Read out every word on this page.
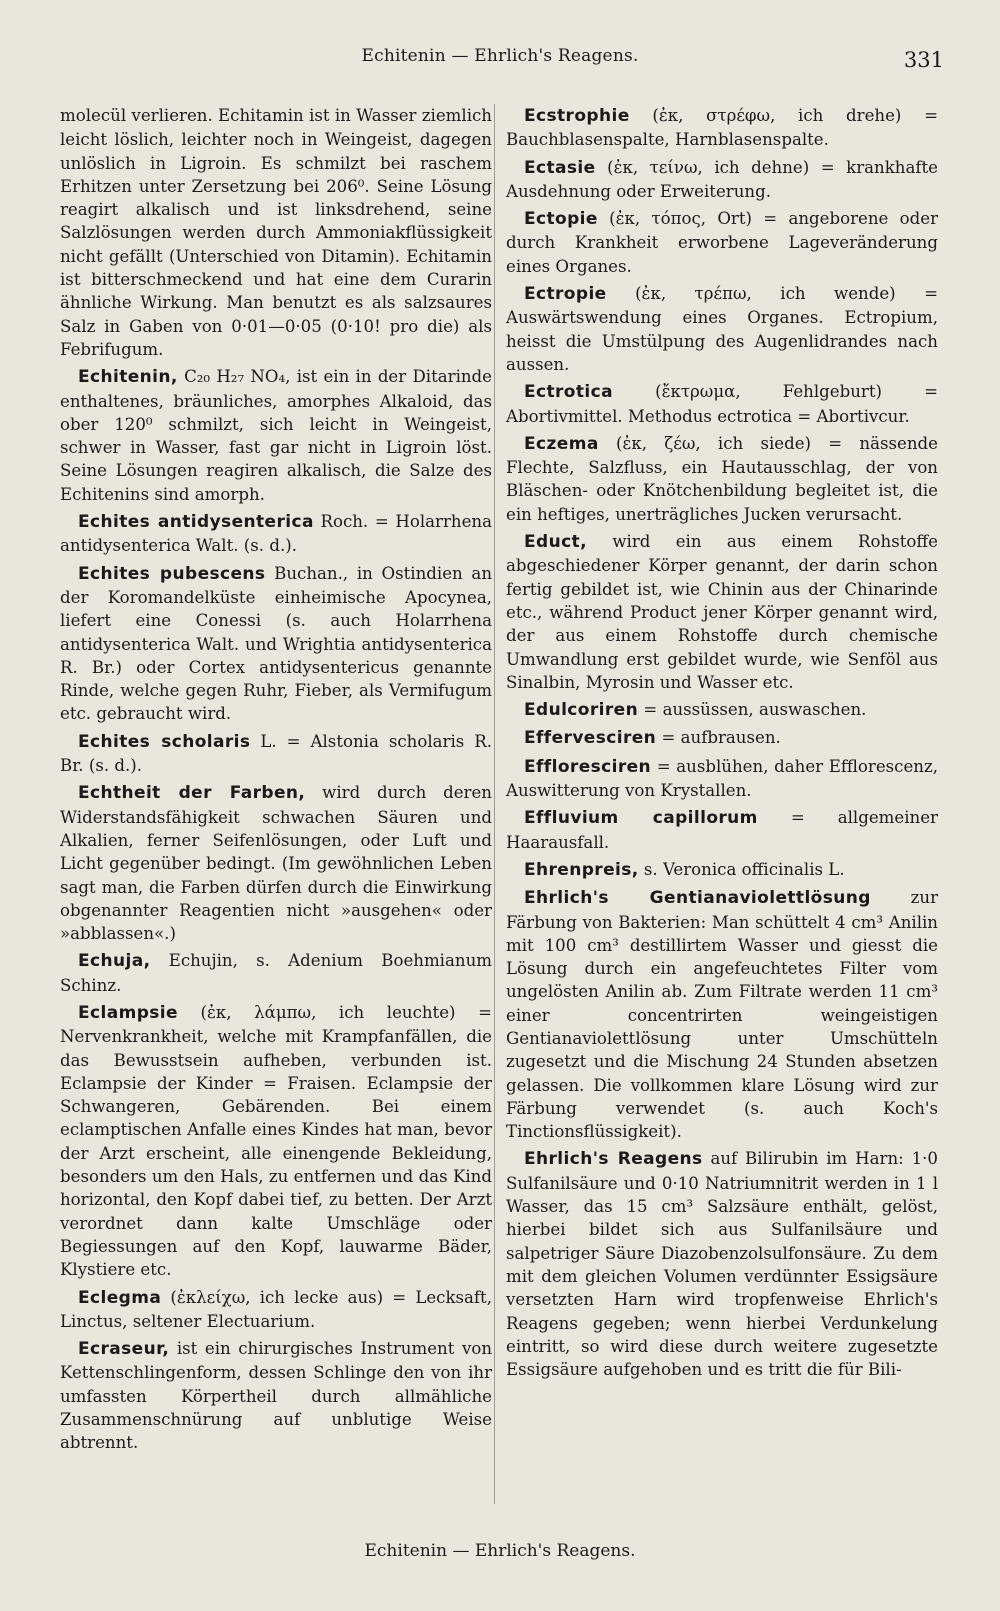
Echitenin — Ehrlich's Reagens.	331

molecül verlieren. Echitamin ist in Wasser ziemlich leicht löslich, leichter noch in Weingeist, dagegen unlöslich in Ligroin. Es schmilzt bei raschem Erhitzen unter Zersetzung bei 206⁰. Seine Lösung reagirt alkalisch und ist linksdrehend, seine Salzlösungen werden durch Ammoniakflüssigkeit nicht gefällt (Unterschied von Ditamin). Echitamin ist bitterschmeckend und hat eine dem Curarin ähnliche Wirkung. Man benutzt es als salzsaures Salz in Gaben von 0·01—0·05 (0·10! pro die) als Febrifugum.

Echitenin, C₂₀ H₂₇ NO₄, ist ein in der Ditarinde enthaltenes, bräunliches, amorphes Alkaloid, das ober 120⁰ schmilzt, sich leicht in Weingeist, schwer in Wasser, fast gar nicht in Ligroin löst. Seine Lösungen reagiren alkalisch, die Salze des Echitenins sind amorph.

Echites antidysenterica Roch. = Holarrhena antidysenterica Walt. (s. d.).

Echites pubescens Buchan., in Ostindien an der Koromandelküste einheimische Apocynea, liefert eine Conessi (s. auch Holarrhena antidysenterica Walt. und Wrightia antidysenterica R. Br.) oder Cortex antidysentericus genannte Rinde, welche gegen Ruhr, Fieber, als Vermifugum etc. gebraucht wird.

Echites scholaris L. = Alstonia scholaris R. Br. (s. d.).

Echtheit der Farben, wird durch deren Widerstandsfähigkeit schwachen Säuren und Alkalien, ferner Seifenlösungen, oder Luft und Licht gegenüber bedingt. (Im gewöhnlichen Leben sagt man, die Farben dürfen durch die Einwirkung obgenannter Reagentien nicht »ausgehen« oder »abblassen«.)

Echuja, Echujin, s. Adenium Boehmianum Schinz.

Eclampsie (ἐκ, λάμπω, ich leuchte) = Nervenkrankheit, welche mit Krampfanfällen, die das Bewusstsein aufheben, verbunden ist. Eclampsie der Kinder = Fraisen. Eclampsie der Schwangeren, Gebärenden. Bei einem eclamptischen Anfalle eines Kindes hat man, bevor der Arzt erscheint, alle einengende Bekleidung, besonders um den Hals, zu entfernen und das Kind horizontal, den Kopf dabei tief, zu betten. Der Arzt verordnet dann kalte Umschläge oder Begiessungen auf den Kopf, lauwarme Bäder, Klystiere etc.

Eclegma (ἐκλείχω, ich lecke aus) = Lecksaft, Linctus, seltener Electuarium.

Ecraseur, ist ein chirurgisches Instrument von Kettenschlingenform, dessen Schlinge den von ihr umfassten Körpertheil durch allmähliche Zusammenschnürung auf unblutige Weise abtrennt.

Ecstrophie (ἐκ, στρέφω, ich drehe) = Bauchblasenspalte, Harnblasenspalte.

Ectasie (ἐκ, τείνω, ich dehne) = krankhafte Ausdehnung oder Erweiterung.

Ectopie (ἐκ, τόπος, Ort) = angeborene oder durch Krankheit erworbene Lageveränderung eines Organes.

Ectropie (ἐκ, τρέπω, ich wende) = Auswärtswendung eines Organes. Ectropium, heisst die Umstülpung des Augenlidrandes nach aussen.

Ectrotica	(ἔκτρωμα, Fehlgeburt) = Abortivmittel. Methodus ectrotica = Abortivcur.

Eczema (ἐκ, ζέω, ich siede) = nässende Flechte, Salzfluss, ein Hautausschlag, der von Bläschen- oder Knötchenbildung begleitet ist, die ein heftiges, unerträgliches Jucken verursacht.

Educt, wird ein aus einem Rohstoffe abgeschiedener Körper genannt, der darin schon fertig gebildet ist, wie Chinin aus der Chinarinde etc., während Product jener Körper genannt wird, der aus einem Rohstoffe durch chemische Umwandlung erst gebildet wurde, wie Senföl aus Sinalbin, Myrosin und Wasser etc.

Edulcoriren = aussüssen, auswaschen.

Effervesciren = aufbrausen.

Effloresciren = ausblühen, daher Efflorescenz, Auswitterung von Krystallen.

Effluvium capillorum = allgemeiner Haarausfall.

Ehrenpreis, s. Veronica officinalis L.

Ehrlich's Gentianaviolettlösung zur Färbung von Bakterien: Man schüttelt 4 cm³ Anilin mit 100 cm³ destillirtem Wasser und giesst die Lösung durch ein angefeuchtetes Filter vom ungelösten Anilin ab. Zum Filtrate werden 11 cm³ einer concentrirten weingeistigen Gentianaviolettlösung unter Umschütteln zugesetzt und die Mischung 24 Stunden absetzen gelassen. Die vollkommen klare Lösung wird zur Färbung verwendet (s. auch Koch's Tinctionsflüssigkeit).

Ehrlich's Reagens auf Bilirubin im Harn: 1·0 Sulfanilsäure und 0·10 Natriumnitrit werden in 1 l Wasser, das 15 cm³ Salzsäure enthält, gelöst, hierbei bildet sich aus Sulfanilsäure und salpetriger Säure Diazobenzolsulfonsäure. Zu dem mit dem gleichen Volumen verdünnter Essigsäure versetzten Harn wird tropfenweise Ehrlich's Reagens gegeben; wenn hierbei Verdunkelung eintritt, so wird diese durch weitere zugesetzte Essigsäure aufgehoben und es tritt die für Bili-

Echitenin — Ehrlich's Reagens.
